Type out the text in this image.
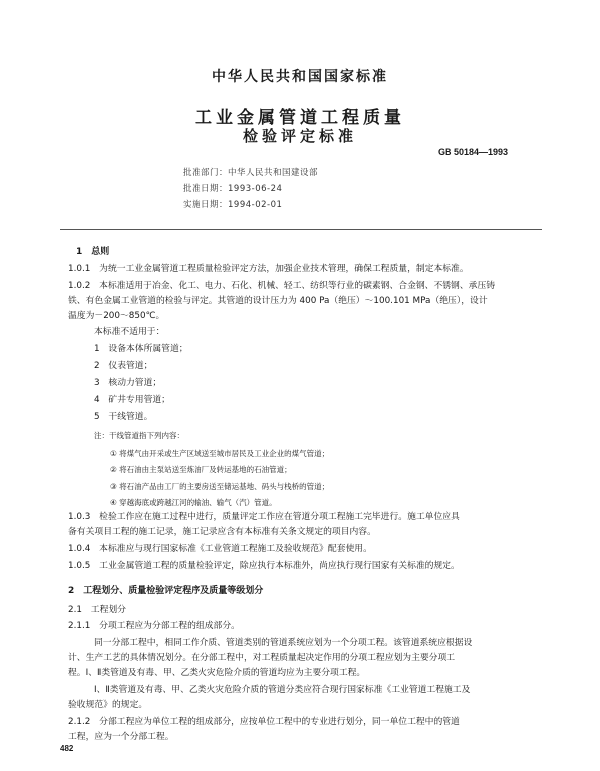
中华人民共和国国家标准
工业金属管道工程质量
检验评定标准
GB 50184—1993
批准部门：中华人民共和国建设部
批准日期：1993-06-24
实施日期：1994-02-01
1　总则
1.0.1　为统一工业金属管道工程质量检验评定方法，加强企业技术管理，确保工程质量，制定本标准。
1.0.2　本标准适用于冶金、化工、电力、石化、机械、轻工、纺织等行业的碳素钢、合金钢、不锈钢、承压铸
铁、有色金属工业管道的检验与评定。其管道的设计压力为 400 Pa（绝压）～100.101 MPa（绝压），设计
温度为－200～850℃。
本标准不适用于：
1　设备本体所属管道；
2　仪表管道；
3　核动力管道；
4　矿井专用管道；
5　干线管道。
注：干线管道指下列内容：
① 将煤气由开采或生产区域送至城市居民及工业企业的煤气管道；
② 将石油由主泵站送至炼油厂及转运基地的石油管道；
③ 将石油产品由工厂的主要房送至储运基地、码头与栈桥的管道；
④ 穿越海底或跨越江河的输油、输气（汽）管道。
1.0.3　检验工作应在施工过程中进行，质量评定工作应在管道分项工程施工完毕进行。施工单位应具
备有关项目工程的施工记录，施工记录应含有本标准有关条文规定的项目内容。
1.0.4　本标准应与现行国家标准《工业管道工程施工及验收规范》配套使用。
1.0.5　工业金属管道工程的质量检验评定，除应执行本标准外，尚应执行现行国家有关标准的规定。
2　工程划分、质量检验评定程序及质量等级划分
2.1　工程划分
2.1.1　分项工程应为分部工程的组成部分。
同一分部工程中，相同工作介质、管道类别的管道系统应划为一个分项工程。该管道系统应根据设
计、生产工艺的具体情况划分。在分部工程中，对工程质量起决定作用的分项工程应划为主要分项工
程。Ⅰ、Ⅱ类管道及有毒、甲、乙类火灾危险介质的管道均应为主要分项工程。
Ⅰ、Ⅱ类管道及有毒、甲、乙类火灾危险介质的管道分类应符合现行国家标准《工业管道工程施工及
验收规范》的规定。
2.1.2　分部工程应为单位工程的组成部分，应按单位工程中的专业进行划分，同一单位工程中的管道
工程，应为一个分部工程。
482
